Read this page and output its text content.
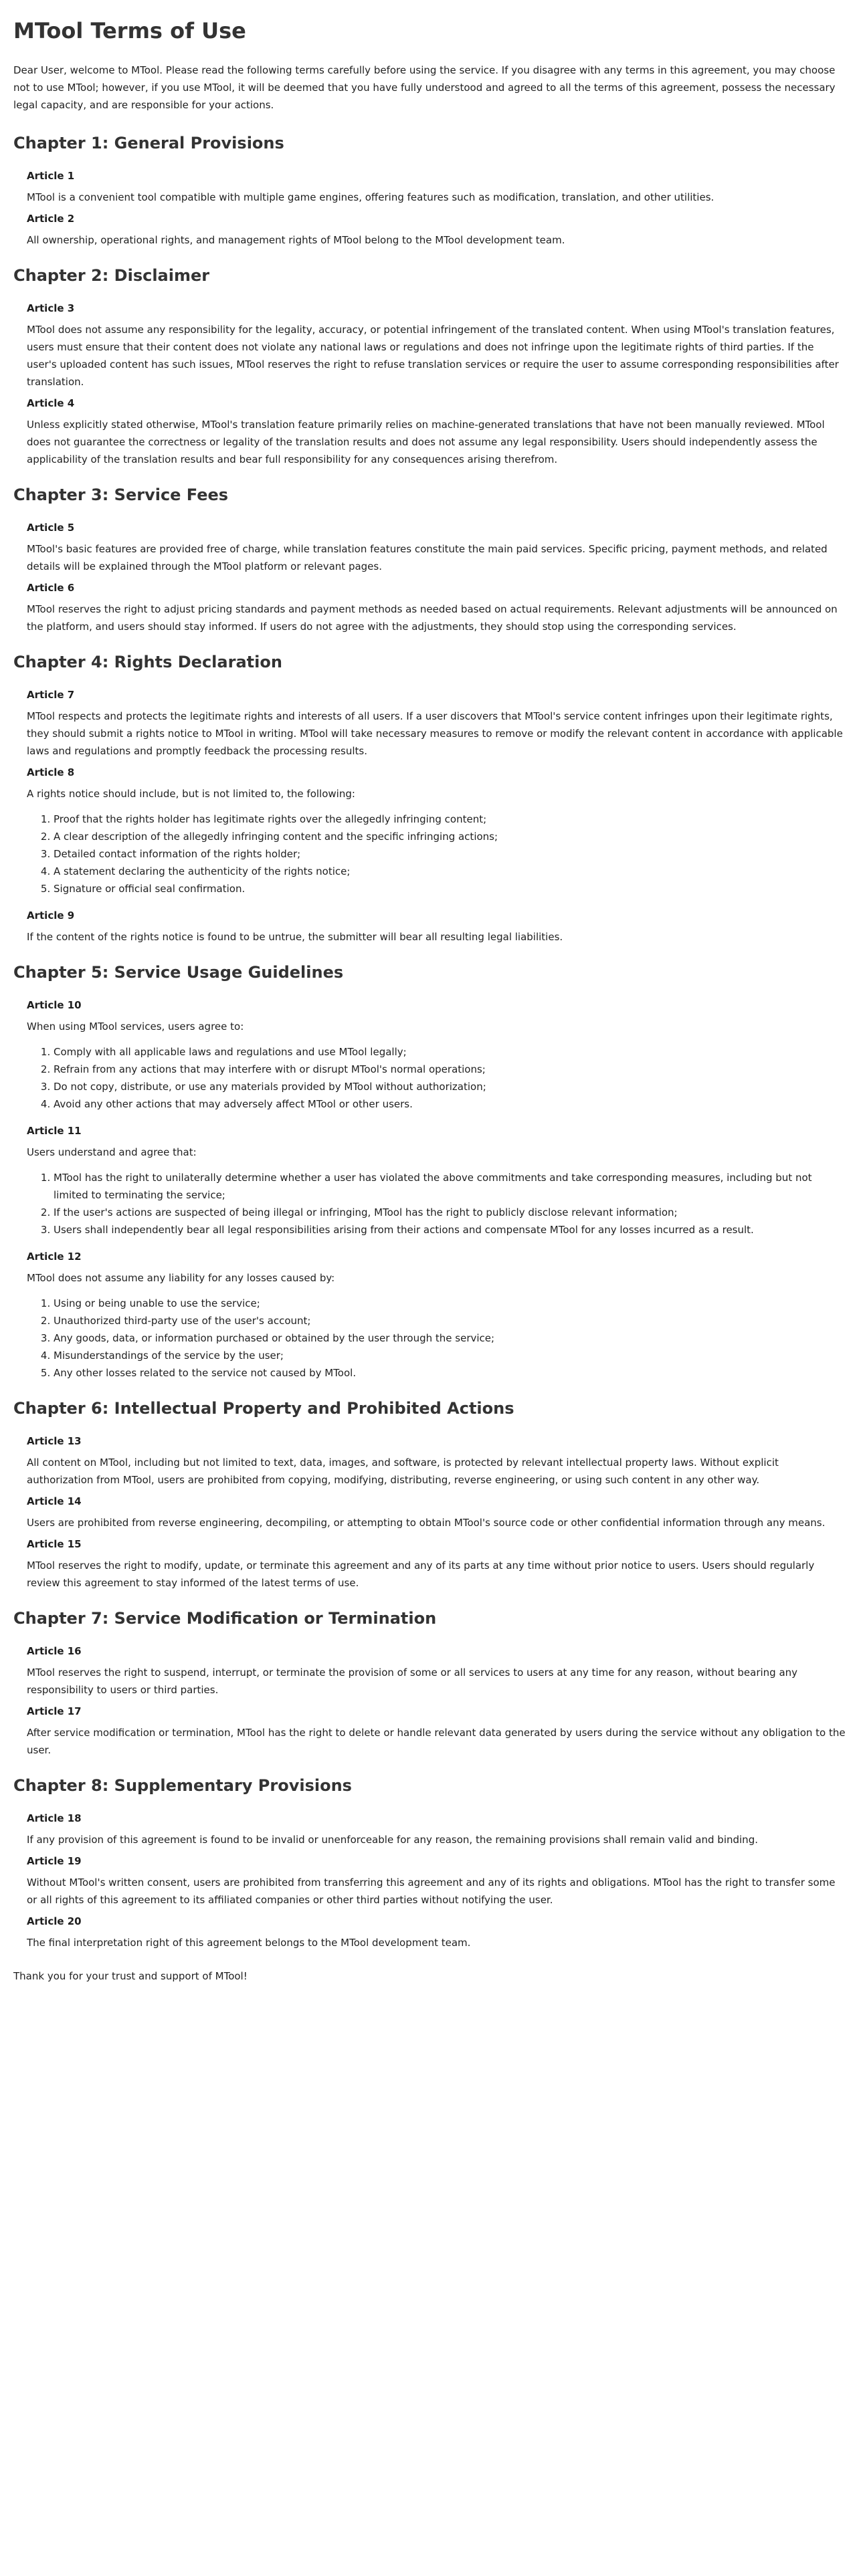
MTool Terms of Use

Dear User, welcome to MTool. Please read the following terms carefully before using the service. If you disagree with any terms in this agreement, you may choose not to use MTool; however, if you use MTool, it will be deemed that you have fully understood and agreed to all the terms of this agreement, possess the necessary legal capacity, and are responsible for your actions.

Chapter 1: General Provisions
Article 1

MTool is a convenient tool compatible with multiple game engines, offering features such as modification, translation, and other utilities.

Article 2

All ownership, operational rights, and management rights of MTool belong to the MTool development team.

Chapter 2: Disclaimer
Article 3

MTool does not assume any responsibility for the legality, accuracy, or potential infringement of the translated content. When using MTool's translation features, users must ensure that their content does not violate any national laws or regulations and does not infringe upon the legitimate rights of third parties. If the user's uploaded content has such issues, MTool reserves the right to refuse translation services or require the user to assume corresponding responsibilities after translation.

Article 4

Unless explicitly stated otherwise, MTool's translation feature primarily relies on machine-generated translations that have not been manually reviewed. MTool does not guarantee the correctness or legality of the translation results and does not assume any legal responsibility. Users should independently assess the applicability of the translation results and bear full responsibility for any consequences arising therefrom.

Chapter 3: Service Fees
Article 5

MTool's basic features are provided free of charge, while translation features constitute the main paid services. Specific pricing, payment methods, and related details will be explained through the MTool platform or relevant pages.

Article 6

MTool reserves the right to adjust pricing standards and payment methods as needed based on actual requirements. Relevant adjustments will be announced on the platform, and users should stay informed. If users do not agree with the adjustments, they should stop using the corresponding services.

Chapter 4: Rights Declaration
Article 7

MTool respects and protects the legitimate rights and interests of all users. If a user discovers that MTool's service content infringes upon their legitimate rights, they should submit a rights notice to MTool in writing. MTool will take necessary measures to remove or modify the relevant content in accordance with applicable laws and regulations and promptly feedback the processing results.

Article 8

A rights notice should include, but is not limited to, the following:

1. Proof that the rights holder has legitimate rights over the allegedly infringing content;
2. A clear description of the allegedly infringing content and the specific infringing actions;
3. Detailed contact information of the rights holder;
4. A statement declaring the authenticity of the rights notice;
5. Signature or official seal confirmation.
Article 9

If the content of the rights notice is found to be untrue, the submitter will bear all resulting legal liabilities.

Chapter 5: Service Usage Guidelines
Article 10

When using MTool services, users agree to:

1. Comply with all applicable laws and regulations and use MTool legally;
2. Refrain from any actions that may interfere with or disrupt MTool's normal operations;
3. Do not copy, distribute, or use any materials provided by MTool without authorization;
4. Avoid any other actions that may adversely affect MTool or other users.
Article 11

Users understand and agree that:

1. MTool has the right to unilaterally determine whether a user has violated the above commitments and take corresponding measures, including but not limited to terminating the service;
2. If the user's actions are suspected of being illegal or infringing, MTool has the right to publicly disclose relevant information;
3. Users shall independently bear all legal responsibilities arising from their actions and compensate MTool for any losses incurred as a result.
Article 12

MTool does not assume any liability for any losses caused by:

1. Using or being unable to use the service;
2. Unauthorized third-party use of the user's account;
3. Any goods, data, or information purchased or obtained by the user through the service;
4. Misunderstandings of the service by the user;
5. Any other losses related to the service not caused by MTool.
Chapter 6: Intellectual Property and Prohibited Actions
Article 13

All content on MTool, including but not limited to text, data, images, and software, is protected by relevant intellectual property laws. Without explicit authorization from MTool, users are prohibited from copying, modifying, distributing, reverse engineering, or using such content in any other way.

Article 14

Users are prohibited from reverse engineering, decompiling, or attempting to obtain MTool's source code or other confidential information through any means.

Article 15

MTool reserves the right to modify, update, or terminate this agreement and any of its parts at any time without prior notice to users. Users should regularly review this agreement to stay informed of the latest terms of use.

Chapter 7: Service Modification or Termination
Article 16

MTool reserves the right to suspend, interrupt, or terminate the provision of some or all services to users at any time for any reason, without bearing any responsibility to users or third parties.

Article 17

After service modification or termination, MTool has the right to delete or handle relevant data generated by users during the service without any obligation to the user.

Chapter 8: Supplementary Provisions
Article 18

If any provision of this agreement is found to be invalid or unenforceable for any reason, the remaining provisions shall remain valid and binding.

Article 19

Without MTool's written consent, users are prohibited from transferring this agreement and any of its rights and obligations. MTool has the right to transfer some or all rights of this agreement to its affiliated companies or other third parties without notifying the user.

Article 20

The final interpretation right of this agreement belongs to the MTool development team.

Thank you for your trust and support of MTool!
